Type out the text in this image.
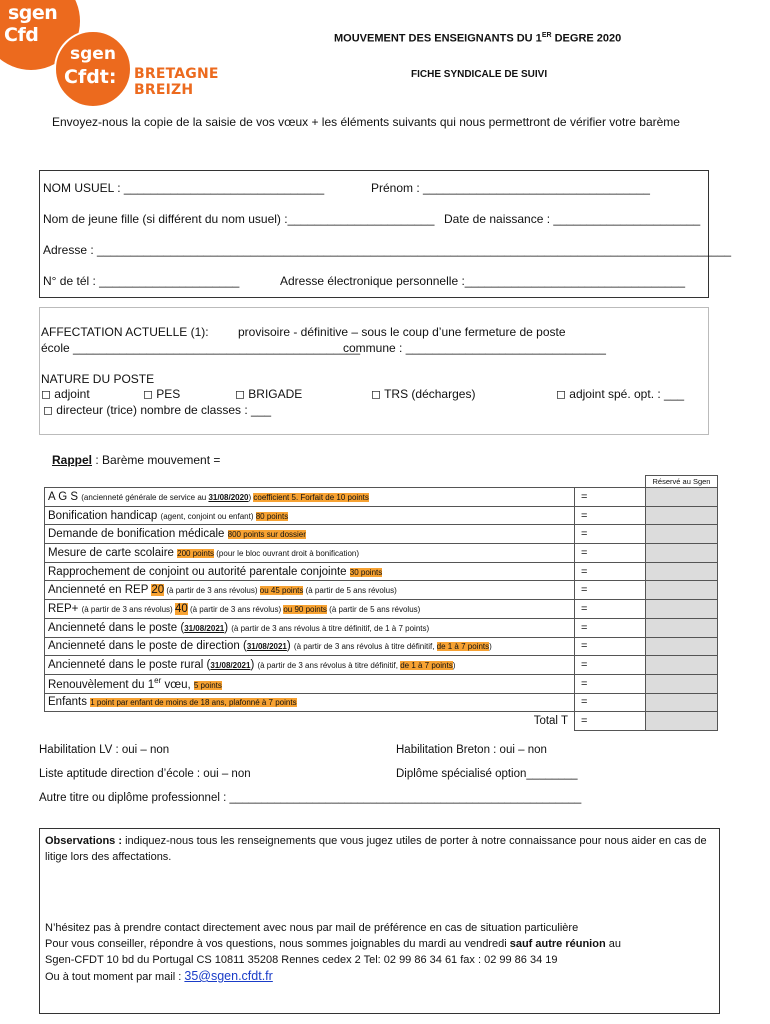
sgen
Cfd
sgen
Cfdt: BRETAGNE
BREIZH
MOUVEMENT DES ENSEIGNANTS DU 1ER DEGRE 2020
FICHE SYNDICALE DE SUIVI
Envoyez-nous la copie de la saisie de vos vœux + les éléments suivants qui nous permettront de vérifier votre barème
NOM USUEL : ______________________________	Prénom : __________________________________
Nom de jeune fille (si différent du nom usuel) :______________________ Date de naissance : ______________________
Adresse : _______________________________________________________________________________________________
N° de tél : _____________________	Adresse électronique personnelle :_________________________________
AFFECTATION ACTUELLE (1): provisoire - définitive – sous le coup d’une fermeture de poste
école ___________________________________________
commune : ______________________________
NATURE DU POSTE
◻ adjoint	◻ PES	◻ BRIGADE	◻ TRS (décharges)	◻ adjoint spé. opt. : ___
◻ directeur (trice) nombre de classes : ___
Rappel : Barème mouvement =
		Réservé au Sgen
A G S (ancienneté générale de service au 31/08/2020) coefficient 5. Forfait de 10 points	=	
Bonification handicap (agent, conjoint ou enfant) 80 points	=	
Demande de bonification médicale 800 points sur dossier	=	
Mesure de carte scolaire 200 points (pour le bloc ouvrant droit à bonification)	=	
Rapprochement de conjoint ou autorité parentale conjointe 30 points	=	
Ancienneté en REP 20 (à partir de 3 ans révolus) ou 45 points (à partir de 5 ans révolus)	=	
REP+ (à partir de 3 ans révolus) 40 (à partir de 3 ans révolus) ou 90 points (à partir de 5 ans révolus)	=	
Ancienneté dans le poste (31/08/2021) (à partir de 3 ans révolus à titre définitif, de 1 à 7 points)	=	
Ancienneté dans le poste de direction (31/08/2021) (à partir de 3 ans révolus à titre définitif, de 1 à 7 points)	=	
Ancienneté dans le poste rural (31/08/2021) (à partir de 3 ans révolus à titre définitif, de 1 à 7 points)	=	
Renouvèlement du 1er vœu, 5 points	=	
Enfants 1 point par enfant de moins de 18 ans, plafonné à 7 points	=	
Total T	=	
Habilitation LV : oui – non	Habilitation Breton : oui – non
Liste aptitude direction d’école : oui – non	Diplôme spécialisé option________
Autre titre ou diplôme professionnel : _______________________________________________________
Observations : indiquez-nous tous les renseignements que vous jugez utiles de porter à notre connaissance pour nous aider en cas de litige lors des affectations.
N’hésitez pas à prendre contact directement avec nous par mail de préférence en cas de situation particulière
Pour vous conseiller, répondre à vos questions, nous sommes joignables du mardi au vendredi sauf autre réunion au
Sgen-CFDT 10 bd du Portugal CS 10811 35208 Rennes cedex 2 Tel: 02 99 86 34 61 fax : 02 99 86 34 19
Ou à tout moment par mail : 35@sgen.cfdt.fr
